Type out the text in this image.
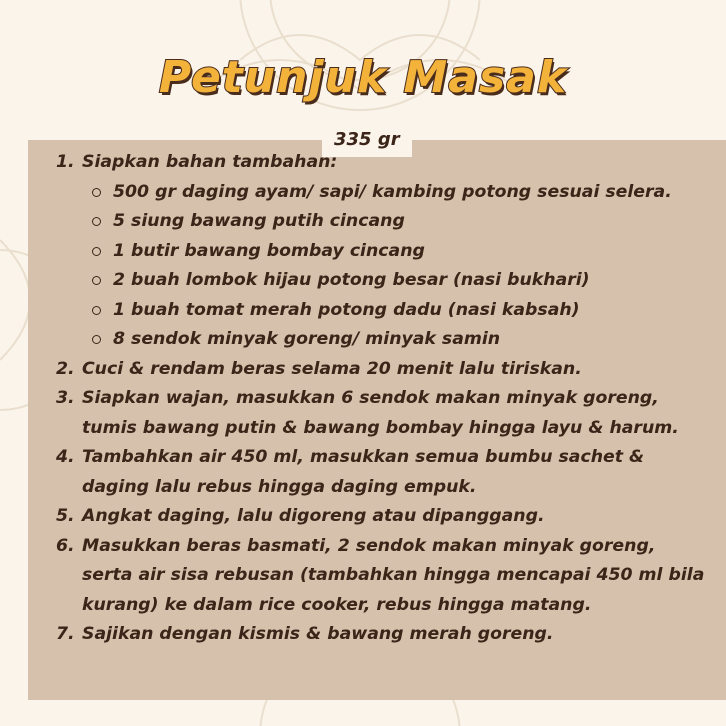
Petunjuk Masak
335 gr
1. Siapkan bahan tambahan:
500 gr daging ayam/ sapi/ kambing potong sesuai selera.
5 siung bawang putih cincang
1 butir bawang bombay cincang
2 buah lombok hijau potong besar (nasi bukhari)
1 buah tomat merah potong dadu (nasi kabsah)
8 sendok minyak goreng/ minyak samin
2. Cuci & rendam beras selama 20 menit lalu tiriskan.
3. Siapkan wajan, masukkan 6 sendok makan minyak goreng, tumis bawang putin & bawang bombay hingga layu & harum.
4. Tambahkan air 450 ml, masukkan semua bumbu sachet & daging lalu rebus hingga daging empuk.
5. Angkat daging, lalu digoreng atau dipanggang.
6. Masukkan beras basmati, 2 sendok makan minyak goreng, serta air sisa rebusan (tambahkan hingga mencapai 450 ml bila kurang) ke dalam rice cooker, rebus hingga matang.
7. Sajikan dengan kismis & bawang merah goreng.
